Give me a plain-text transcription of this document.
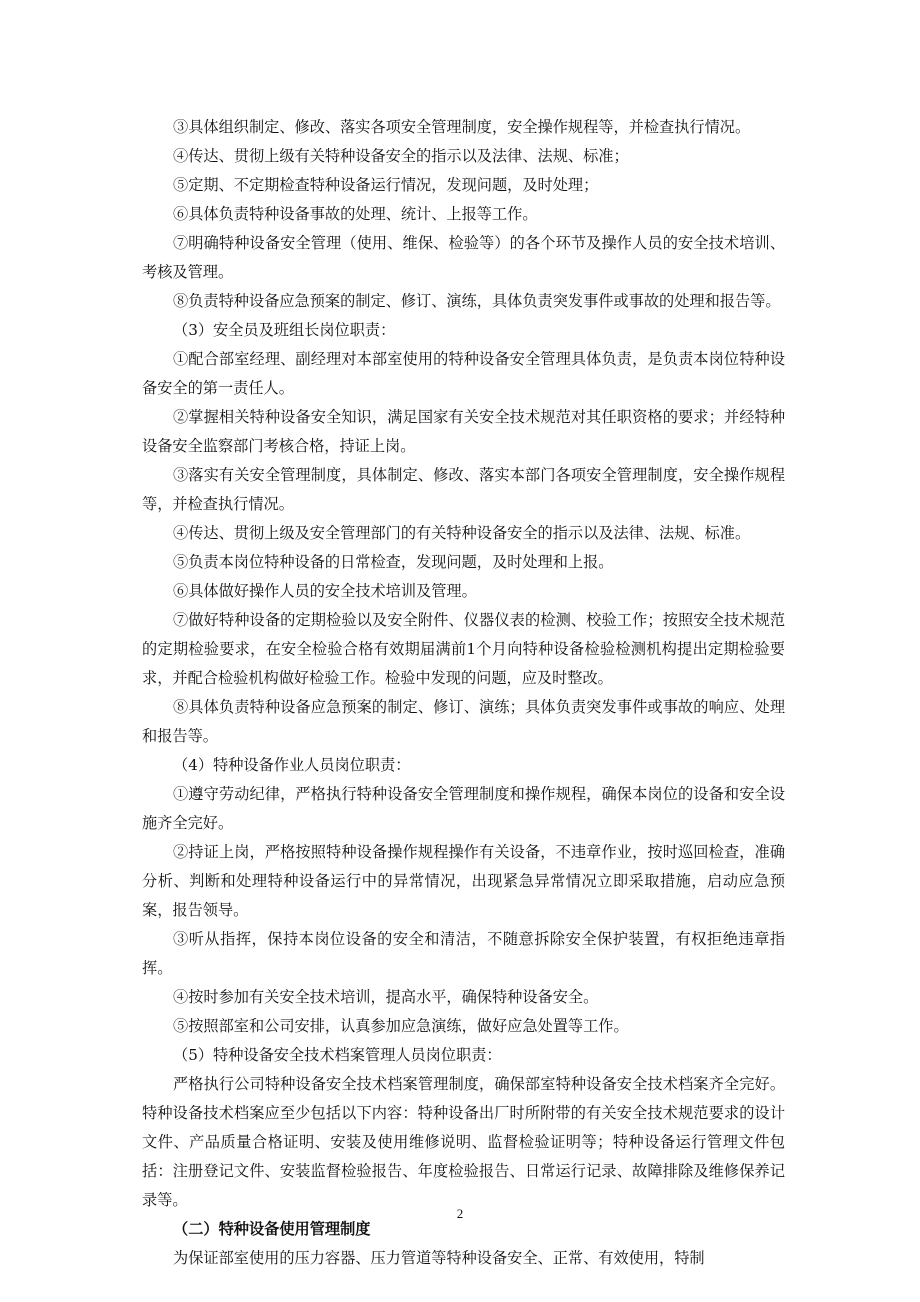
③具体组织制定、修改、落实各项安全管理制度，安全操作规程等，并检查执行情况。

④传达、贯彻上级有关特种设备安全的指示以及法律、法规、标准；

⑤定期、不定期检查特种设备运行情况，发现问题，及时处理；

⑥具体负责特种设备事故的处理、统计、上报等工作。

⑦明确特种设备安全管理（使用、维保、检验等）的各个环节及操作人员的安全技术培训、考核及管理。

⑧负责特种设备应急预案的制定、修订、演练，具体负责突发事件或事故的处理和报告等。

（3）安全员及班组长岗位职责：

①配合部室经理、副经理对本部室使用的特种设备安全管理具体负责，是负责本岗位特种设备安全的第一责任人。

②掌握相关特种设备安全知识，满足国家有关安全技术规范对其任职资格的要求；并经特种设备安全监察部门考核合格，持证上岗。

③落实有关安全管理制度，具体制定、修改、落实本部门各项安全管理制度，安全操作规程等，并检查执行情况。

④传达、贯彻上级及安全管理部门的有关特种设备安全的指示以及法律、法规、标准。

⑤负责本岗位特种设备的日常检查，发现问题，及时处理和上报。

⑥具体做好操作人员的安全技术培训及管理。

⑦做好特种设备的定期检验以及安全附件、仪器仪表的检测、校验工作；按照安全技术规范的定期检验要求，在安全检验合格有效期届满前1个月向特种设备检验检测机构提出定期检验要求，并配合检验机构做好检验工作。检验中发现的问题，应及时整改。

⑧具体负责特种设备应急预案的制定、修订、演练；具体负责突发事件或事故的响应、处理和报告等。

（4）特种设备作业人员岗位职责：

①遵守劳动纪律，严格执行特种设备安全管理制度和操作规程，确保本岗位的设备和安全设施齐全完好。

②持证上岗，严格按照特种设备操作规程操作有关设备，不违章作业，按时巡回检查，准确分析、判断和处理特种设备运行中的异常情况，出现紧急异常情况立即采取措施，启动应急预案，报告领导。

③听从指挥，保持本岗位设备的安全和清洁，不随意拆除安全保护装置，有权拒绝违章指挥。

④按时参加有关安全技术培训，提高水平，确保特种设备安全。

⑤按照部室和公司安排，认真参加应急演练，做好应急处置等工作。

（5）特种设备安全技术档案管理人员岗位职责：

严格执行公司特种设备安全技术档案管理制度，确保部室特种设备安全技术档案齐全完好。特种设备技术档案应至少包括以下内容：特种设备出厂时所附带的有关安全技术规范要求的设计文件、产品质量合格证明、安装及使用维修说明、监督检验证明等；特种设备运行管理文件包括：注册登记文件、安装监督检验报告、年度检验报告、日常运行记录、故障排除及维修保养记录等。

（二）特种设备使用管理制度

为保证部室使用的压力容器、压力管道等特种设备安全、正常、有效使用，特制

2
